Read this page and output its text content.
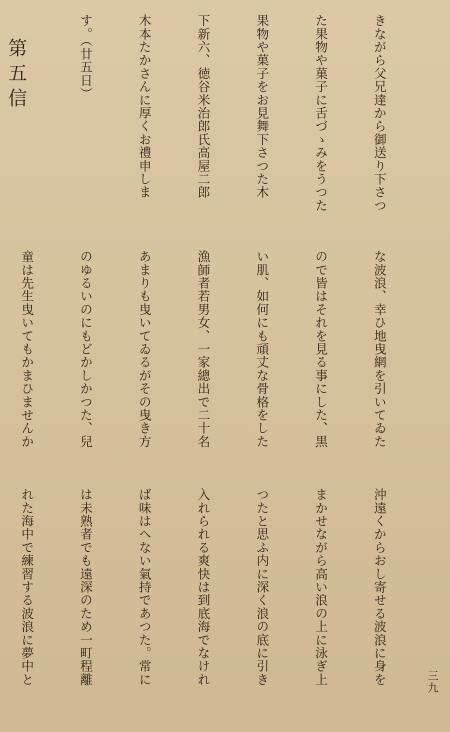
きながら父兄達から御送り下さつ

た果物や菓子に舌づゝみをうつた

果物や菓子をお見舞下さつた木

下新六、徳谷米治郎氏高屋二郎

木本たかさんに厚くお禮申しま

す。（廿五日）

第五信

な波浪、幸ひ地曳網を引いてゐた

ので皆はそれを見る事にした、黒

い肌、如何にも頑丈な骨格をした

漁師者若男女、一家總出で二十名

あまりも曳いてゐるがその曳き方

のゆるいのにもどかしかつた、兒

童は先生曳いてもかまひませんか

沖遠くからおし寄せる波浪に身を

まかせながら高い浪の上に泳ぎ上

つたと思ふ内に深く浪の底に引き

入れられる爽快は到底海でなけれ

ば味はへない氣持であつた。常に

は未熟者でも遠深のため一町程離

れた海中で練習する波浪に夢中と

	三九
